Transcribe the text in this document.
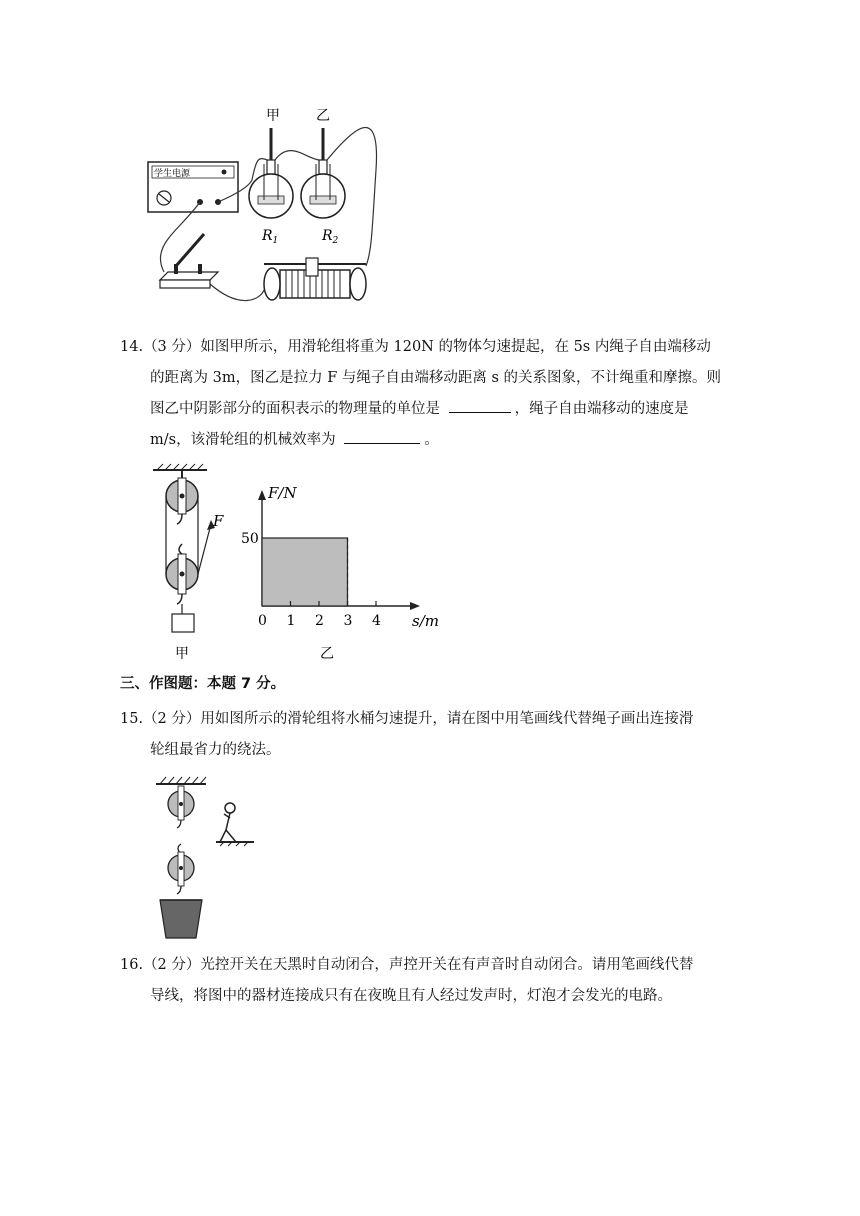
甲	乙
学生电源
$R_1$	$R_2$
14.（3 分）如图甲所示，用滑轮组将重为 120N 的物体匀速提起，在 5s 内绳子自由端移动
的距离为 3m，图乙是拉力 F 与绳子自由端移动距离 s 的关系图象，不计绳重和摩擦。则
图乙中阴影部分的面积表示的物理量的单位是	，绳子自由端移动的速度是
m/s，该滑轮组的机械效率为	。
F
甲
0 1 2 3 4
50
F/N
s/m
乙
三、作图题：本题 7 分。
15.（2 分）用如图所示的滑轮组将水桶匀速提升，请在图中用笔画线代替绳子画出连接滑
轮组最省力的绕法。
16.（2 分）光控开关在天黑时自动闭合，声控开关在有声音时自动闭合。请用笔画线代替
导线，将图中的器材连接成只有在夜晚且有人经过发声时，灯泡才会发光的电路。
